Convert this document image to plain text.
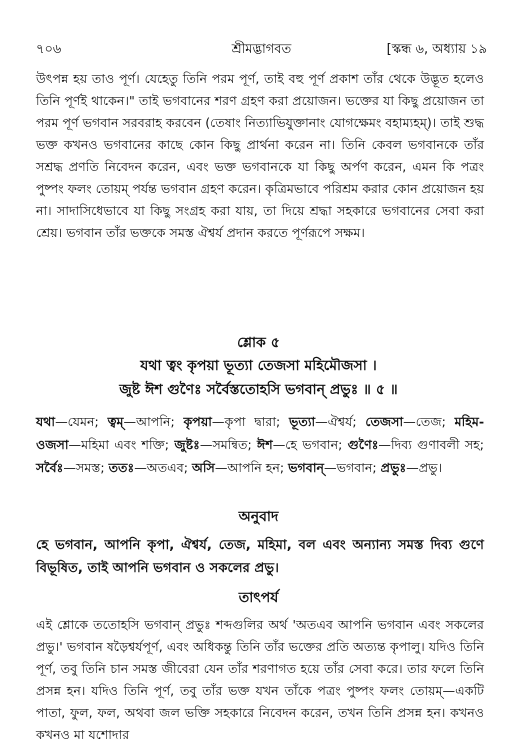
৭০৬	শ্রীমদ্ভাগবত	[স্কন্ধ ৬, অধ্যায় ১৯
উৎপন্ন হয় তাও পূর্ণ। যেহেতু তিনি পরম পূর্ণ, তাই বহু পূর্ণ প্রকাশ তাঁর থেকে উদ্ভূত হলেও তিনি পূর্ণই থাকেন।" তাই ভগবানের শরণ গ্রহণ করা প্রয়োজন। ভক্তের যা কিছু প্রয়োজন তা পরম পূর্ণ ভগবান সরবরাহ করবেন (তেষাং নিত্যাভিযুক্তানাং যোগক্ষেমং বহাম্যহম্)। তাই শুদ্ধ ভক্ত কখনও ভগবানের কাছে কোন কিছু প্রার্থনা করেন না। তিনি কেবল ভগবানকে তাঁর সশ্রদ্ধ প্রণতি নিবেদন করেন, এবং ভক্ত ভগবানকে যা কিছু অর্পণ করেন, এমন কি পত্রং পুষ্পং ফলং তোয়ম্ পর্যন্ত ভগবান গ্রহণ করেন। কৃত্রিমভাবে পরিশ্রম করার কোন প্রয়োজন হয় না। সাদাসিধেভাবে যা কিছু সংগ্রহ করা যায়, তা দিয়ে শ্রদ্ধা সহকারে ভগবানের সেবা করা শ্রেয়। ভগবান তাঁর ভক্তকে সমস্ত ঐশ্বর্য প্রদান করতে পূর্ণরূপে সক্ষম।
শ্লোক ৫
যথা ত্বং কৃপয়া ভূত্যা তেজসা মহিমৌজসা ।
জুষ্ট ঈশ গুণৈঃ সর্বৈস্ততোহসি ভগবান্ প্রভুঃ ॥ ৫ ॥
যথা—যেমন; ত্বম্—আপনি; কৃপয়া—কৃপা দ্বারা; ভূত্যা—ঐশ্বর্য; তেজসা—তেজ; মহিম-ওজসা—মহিমা এবং শক্তি; জুষ্টঃ—সমন্বিত; ঈশ—হে ভগবান; গুণৈঃ—দিব্য গুণাবলী সহ; সর্বৈঃ—সমস্ত; ততঃ—অতএব; অসি—আপনি হন; ভগবান্—ভগবান; প্রভুঃ—প্রভু।
অনুবাদ
হে ভগবান, আপনি কৃপা, ঐশ্বর্য, তেজ, মহিমা, বল এবং অন্যান্য সমস্ত দিব্য গুণে বিভূষিত, তাই আপনি ভগবান ও সকলের প্রভু।
তাৎপর্য
এই শ্লোকে ততোহসি ভগবান্ প্রভুঃ শব্দগুলির অর্থ 'অতএব আপনি ভগবান এবং সকলের প্রভু।' ভগবান ষড়ৈশ্বর্যপূর্ণ, এবং অধিকন্তু তিনি তাঁর ভক্তের প্রতি অত্যন্ত কৃপালু। যদিও তিনি পূর্ণ, তবু তিনি চান সমস্ত জীবেরা যেন তাঁর শরণাগত হয়ে তাঁর সেবা করে। তার ফলে তিনি প্রসন্ন হন। যদিও তিনি পূর্ণ, তবু তাঁর ভক্ত যখন তাঁকে পত্রং পুষ্পং ফলং তোয়ম্—একটি পাতা, ফুল, ফল, অথবা জল ভক্তি সহকারে নিবেদন করেন, তখন তিনি প্রসন্ন হন। কখনও কখনও মা যশোদার
